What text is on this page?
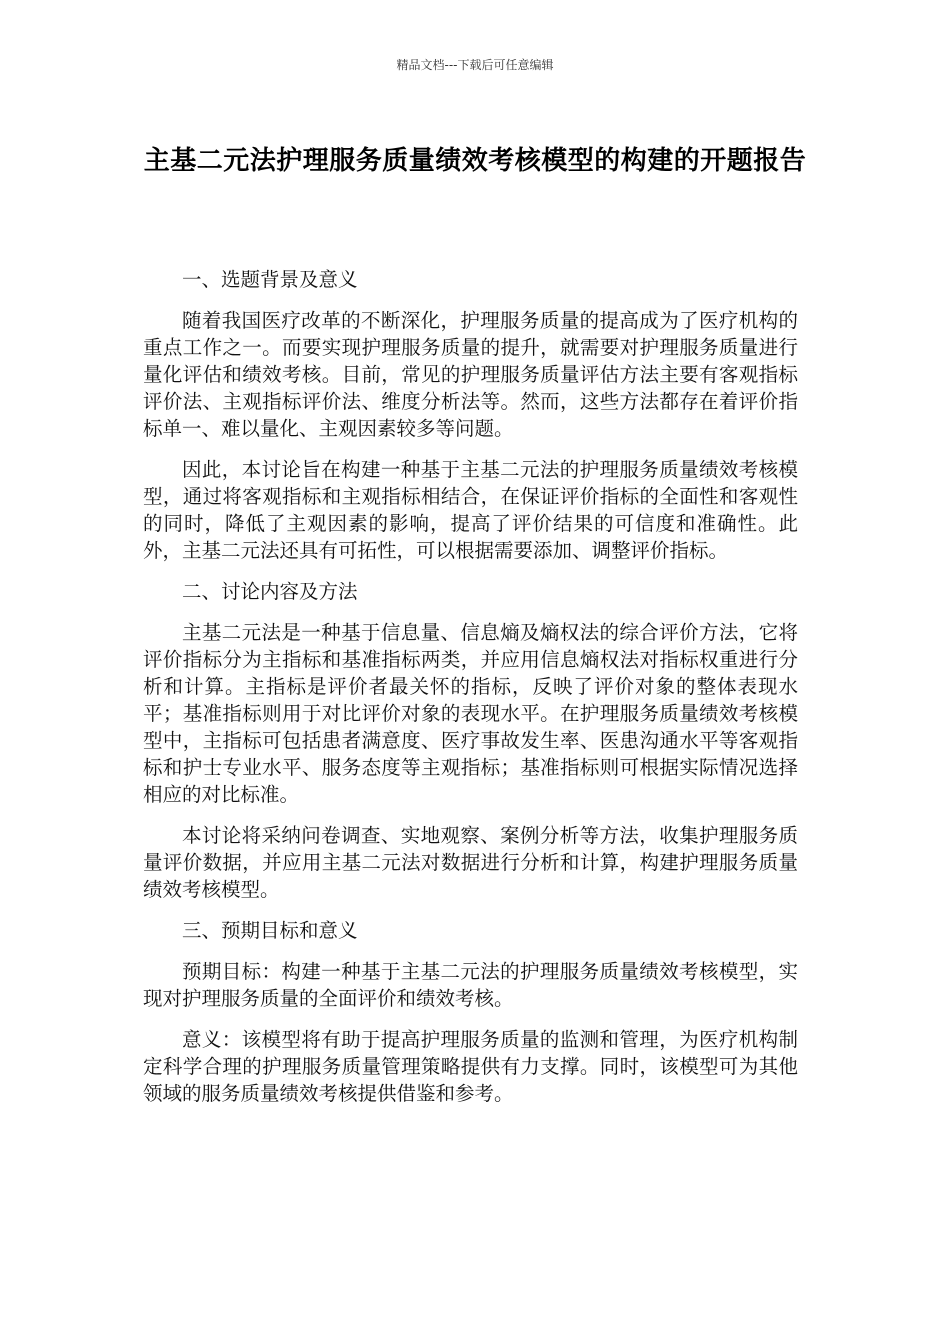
精品文档---下载后可任意编辑
主基二元法护理服务质量绩效考核模型的构建的开题报告
一、选题背景及意义

随着我国医疗改革的不断深化，护理服务质量的提高成为了医疗机构的重点工作之一。而要实现护理服务质量的提升，就需要对护理服务质量进行量化评估和绩效考核。目前，常见的护理服务质量评估方法主要有客观指标评价法、主观指标评价法、维度分析法等。然而，这些方法都存在着评价指标单一、难以量化、主观因素较多等问题。

因此，本讨论旨在构建一种基于主基二元法的护理服务质量绩效考核模型，通过将客观指标和主观指标相结合，在保证评价指标的全面性和客观性的同时，降低了主观因素的影响，提高了评价结果的可信度和准确性。此外，主基二元法还具有可拓性，可以根据需要添加、调整评价指标。

二、讨论内容及方法

主基二元法是一种基于信息量、信息熵及熵权法的综合评价方法，它将评价指标分为主指标和基准指标两类，并应用信息熵权法对指标权重进行分析和计算。主指标是评价者最关怀的指标，反映了评价对象的整体表现水平；基准指标则用于对比评价对象的表现水平。在护理服务质量绩效考核模型中，主指标可包括患者满意度、医疗事故发生率、医患沟通水平等客观指标和护士专业水平、服务态度等主观指标；基准指标则可根据实际情况选择相应的对比标准。

本讨论将采纳问卷调查、实地观察、案例分析等方法，收集护理服务质量评价数据，并应用主基二元法对数据进行分析和计算，构建护理服务质量绩效考核模型。

三、预期目标和意义

预期目标：构建一种基于主基二元法的护理服务质量绩效考核模型，实现对护理服务质量的全面评价和绩效考核。

意义：该模型将有助于提高护理服务质量的监测和管理，为医疗机构制定科学合理的护理服务质量管理策略提供有力支撑。同时，该模型可为其他领域的服务质量绩效考核提供借鉴和参考。
